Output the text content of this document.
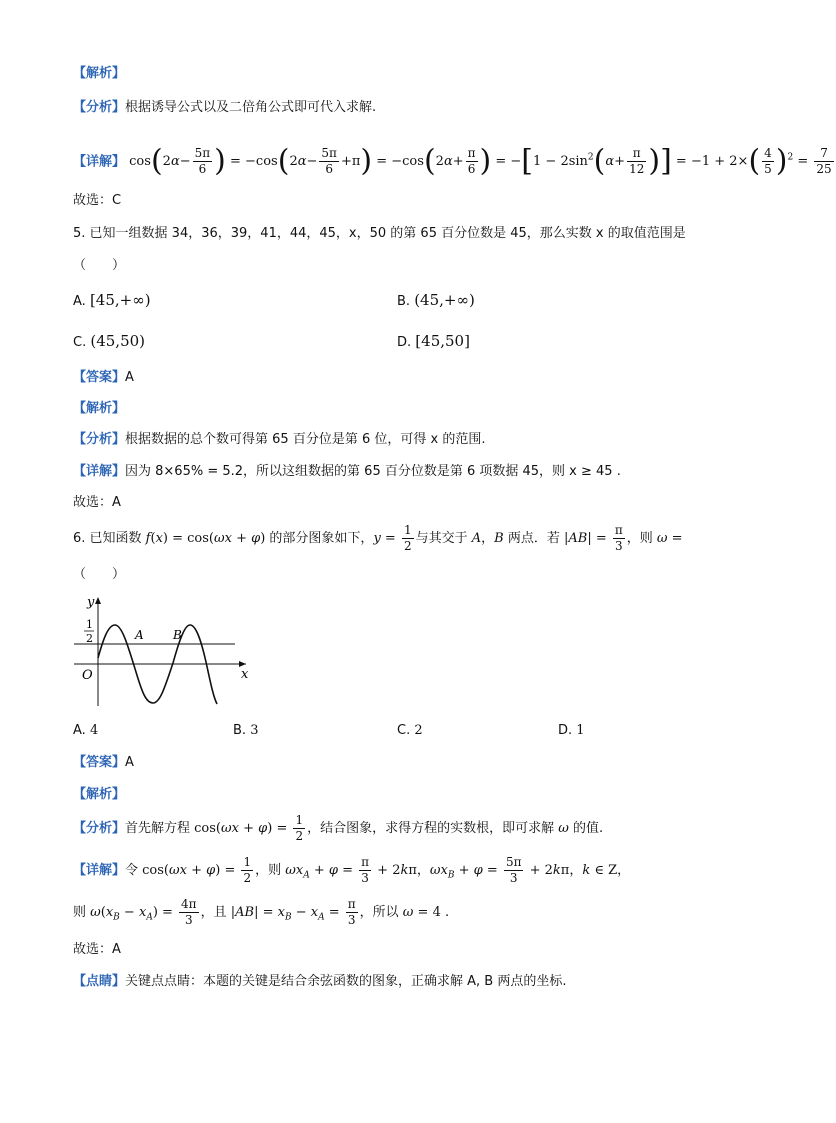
【解析】
【分析】根据诱导公式以及二倍角公式即可代入求解.
【详解】 $\cos(2\alpha- \frac{5\pi}{6}$ ) = $-\cos(2\alpha- \frac{5\pi}{6} +\pi) = -\cos(2\alpha+ \frac{\pi}{6}$ ) = $-[1 - 2\sin^2(\alpha+ \frac{\pi}{12}$ )] = $-1 + 2\times( \frac{4}{5} )^2 = \frac{7}{25}$
故选：C
5. 已知一组数据 34，36，39，41，44，45，x，50 的第 65 百分位数是 45，那么实数 x 的取值范围是
（　　）
A. [45,+∞)	B. (45,+∞)
C. (45,50)	D. [45,50]
【答案】A
【解析】
【分析】根据数据的总个数可得第 65 百分位是第 6 位，可得 x 的范围.
【详解】因为 8×65% = 5.2，所以这组数据的第 65 百分位数是第 6 项数据 45，则 x ≥ 45 .
故选：A
6. 已知函数 f(x) = cos(ωx + φ) 的部分图象如下，$y = \frac{1}{2}$ 与其交于 A，B 两点．若 $|AB| = \frac{\pi}{3}$ ，则 ω =
（　　）
y
x
O
1
2	A B
A. 4	B. 3	C. 2	D. 1
【答案】A
【解析】
【分析】首先解方程 $\cos(\omega x + \varphi) = \frac{1}{2}$ ，结合图象，求得方程的实数根，即可求解 ω 的值.
【详解】令 $\cos(\omega x + \varphi) = \frac{1}{2}$ ，则 $\omega x_A + \varphi = \frac{\pi}{3} + 2k\pi$，$\omega x_B + \varphi = \frac{5\pi}{3} + 2k\pi$，k ∈ Z，
则 $\omega(x_B - x_A) = \frac{4\pi}{3}$ ，且 $|AB| = x_B - x_A = \frac{\pi}{3}$ ，所以 ω = 4 .
故选：A
【点睛】关键点点睛：本题的关键是结合余弦函数的图象，正确求解 A, B 两点的坐标.
